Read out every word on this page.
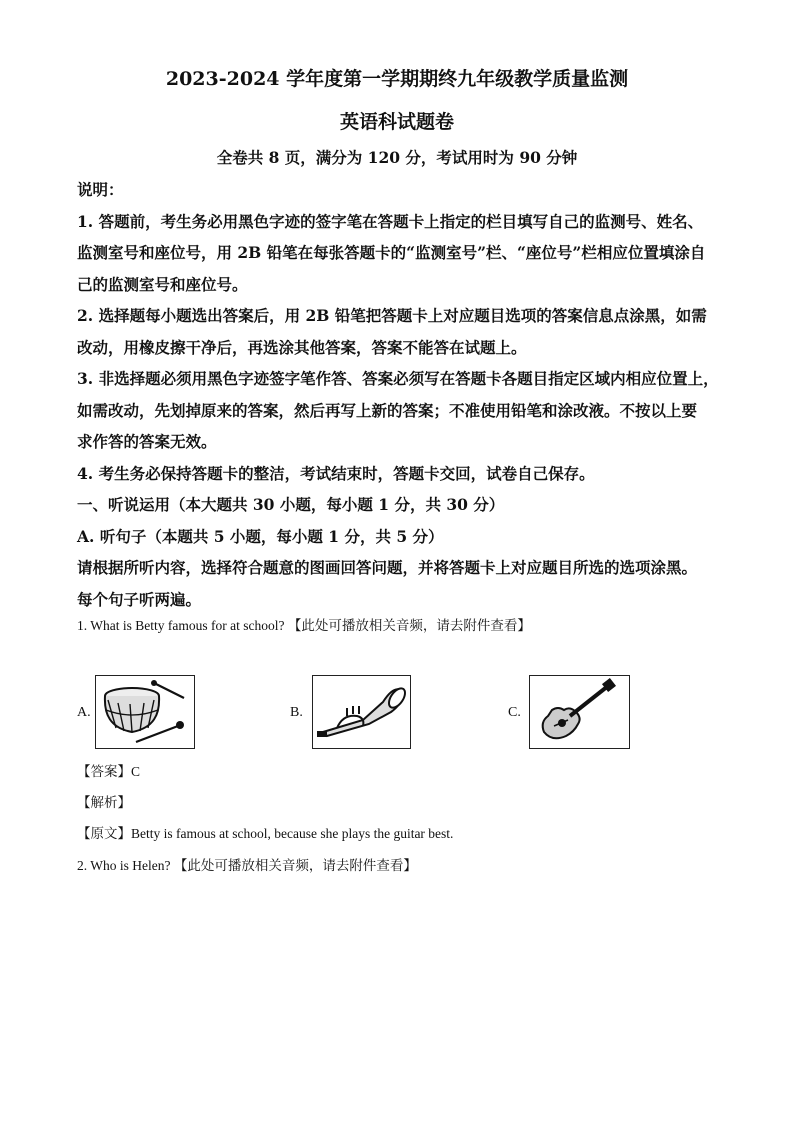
2023-2024 学年度第一学期期终九年级教学质量监测
英语科试题卷
全卷共 8 页，满分为 120 分，考试用时为 90 分钟
说明：
1. 答题前，考生务必用黑色字迹的签字笔在答题卡上指定的栏目填写自己的监测号、姓名、
监测室号和座位号，用 2B 铅笔在每张答题卡的“监测室号”栏、“座位号”栏相应位置填涂自
己的监测室号和座位号。
2. 选择题每小题选出答案后，用 2B 铅笔把答题卡上对应题目选项的答案信息点涂黑，如需
改动，用橡皮擦干净后，再选涂其他答案，答案不能答在试题上。
3. 非选择题必须用黑色字迹签字笔作答、答案必须写在答题卡各题目指定区域内相应位置上，
如需改动，先划掉原来的答案，然后再写上新的答案；不准使用铅笔和涂改液。不按以上要
求作答的答案无效。
4. 考生务必保持答题卡的整洁，考试结束时，答题卡交回，试卷自己保存。
一、听说运用（本大题共 30 小题，每小题 1 分，共 30 分）
A. 听句子（本题共 5 小题，每小题 1 分，共 5 分）
请根据所听内容，选择符合题意的图画回答问题，并将答题卡上对应题目所选的选项涂黑。
每个句子听两遍。
1. What is Betty famous for at school? 【此处可播放相关音频，请去附件查看】
A.	B.	C.
【答案】C
【解析】
【原文】Betty is famous at school, because she plays the guitar best.
2. Who is Helen? 【此处可播放相关音频，请去附件查看】
